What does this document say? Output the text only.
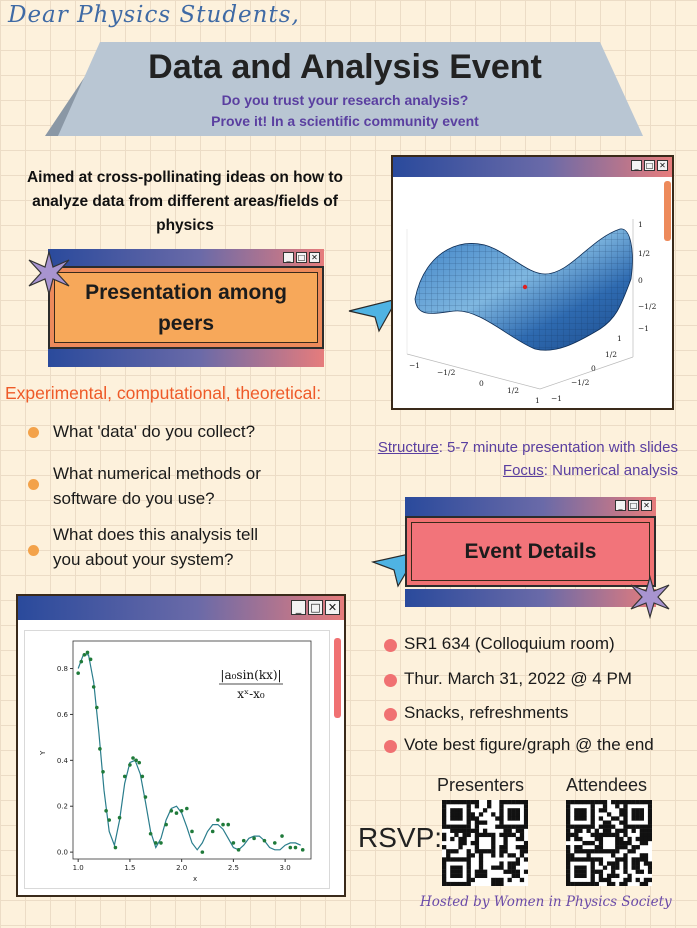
Dear Physics Students,
Data and Analysis Event
Do you trust your research analysis?
Prove it! In a scientific community event
Aimed at cross-pollinating ideas on how to analyze data from different areas/fields of physics
_ □ ✕
Presentation among
peers
_ □ ✕
1
1/2
0
−1/2
−1
−1
−1/2
0
1/2
1
1
1/2
0
−1/2
−1
Experimental, computational, theoretical:
What 'data' do you collect?
What numerical methods or
software do you use?
What does this analysis tell
you about your system?
Structure: 5-7 minute presentation with slides
Focus: Numerical analysis
_ □ ✕
Event Details
_ □ ✕
1.0	1.5	2.0	2.5	3.0
0.0
0.2
0.4
0.6
0.8
x
Y
|a₀sin(kx)|
xˣ-x₀
SR1 634 (Colloquium room)
Thur. March 31, 2022 @ 4 PM
Snacks, refreshments
Vote best figure/graph @ the end
Presenters Attendees
RSVP:
Hosted by Women in Physics Society
